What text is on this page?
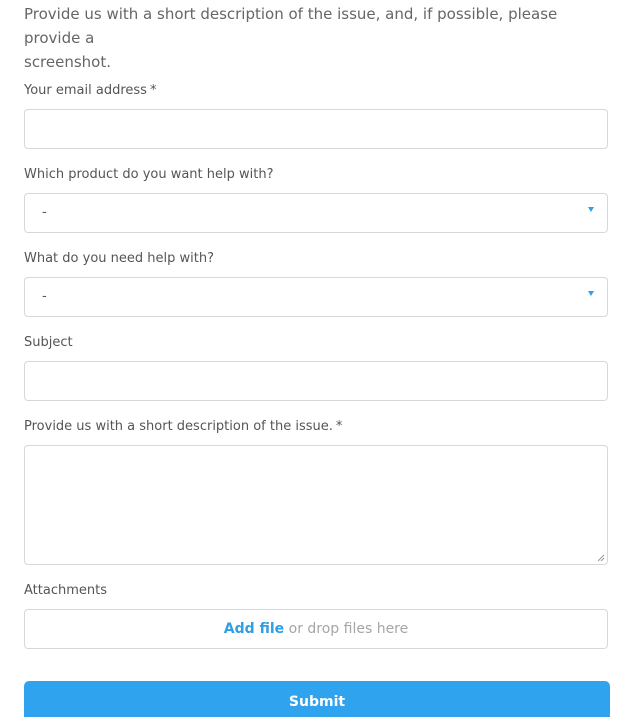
Provide us with a short description of the issue, and, if possible, please provide a
screenshot.
Your email address *
Which product do you want help with?
-
What do you need help with?
-
Subject
Provide us with a short description of the issue. *
Attachments
Add file or drop files here
Submit
